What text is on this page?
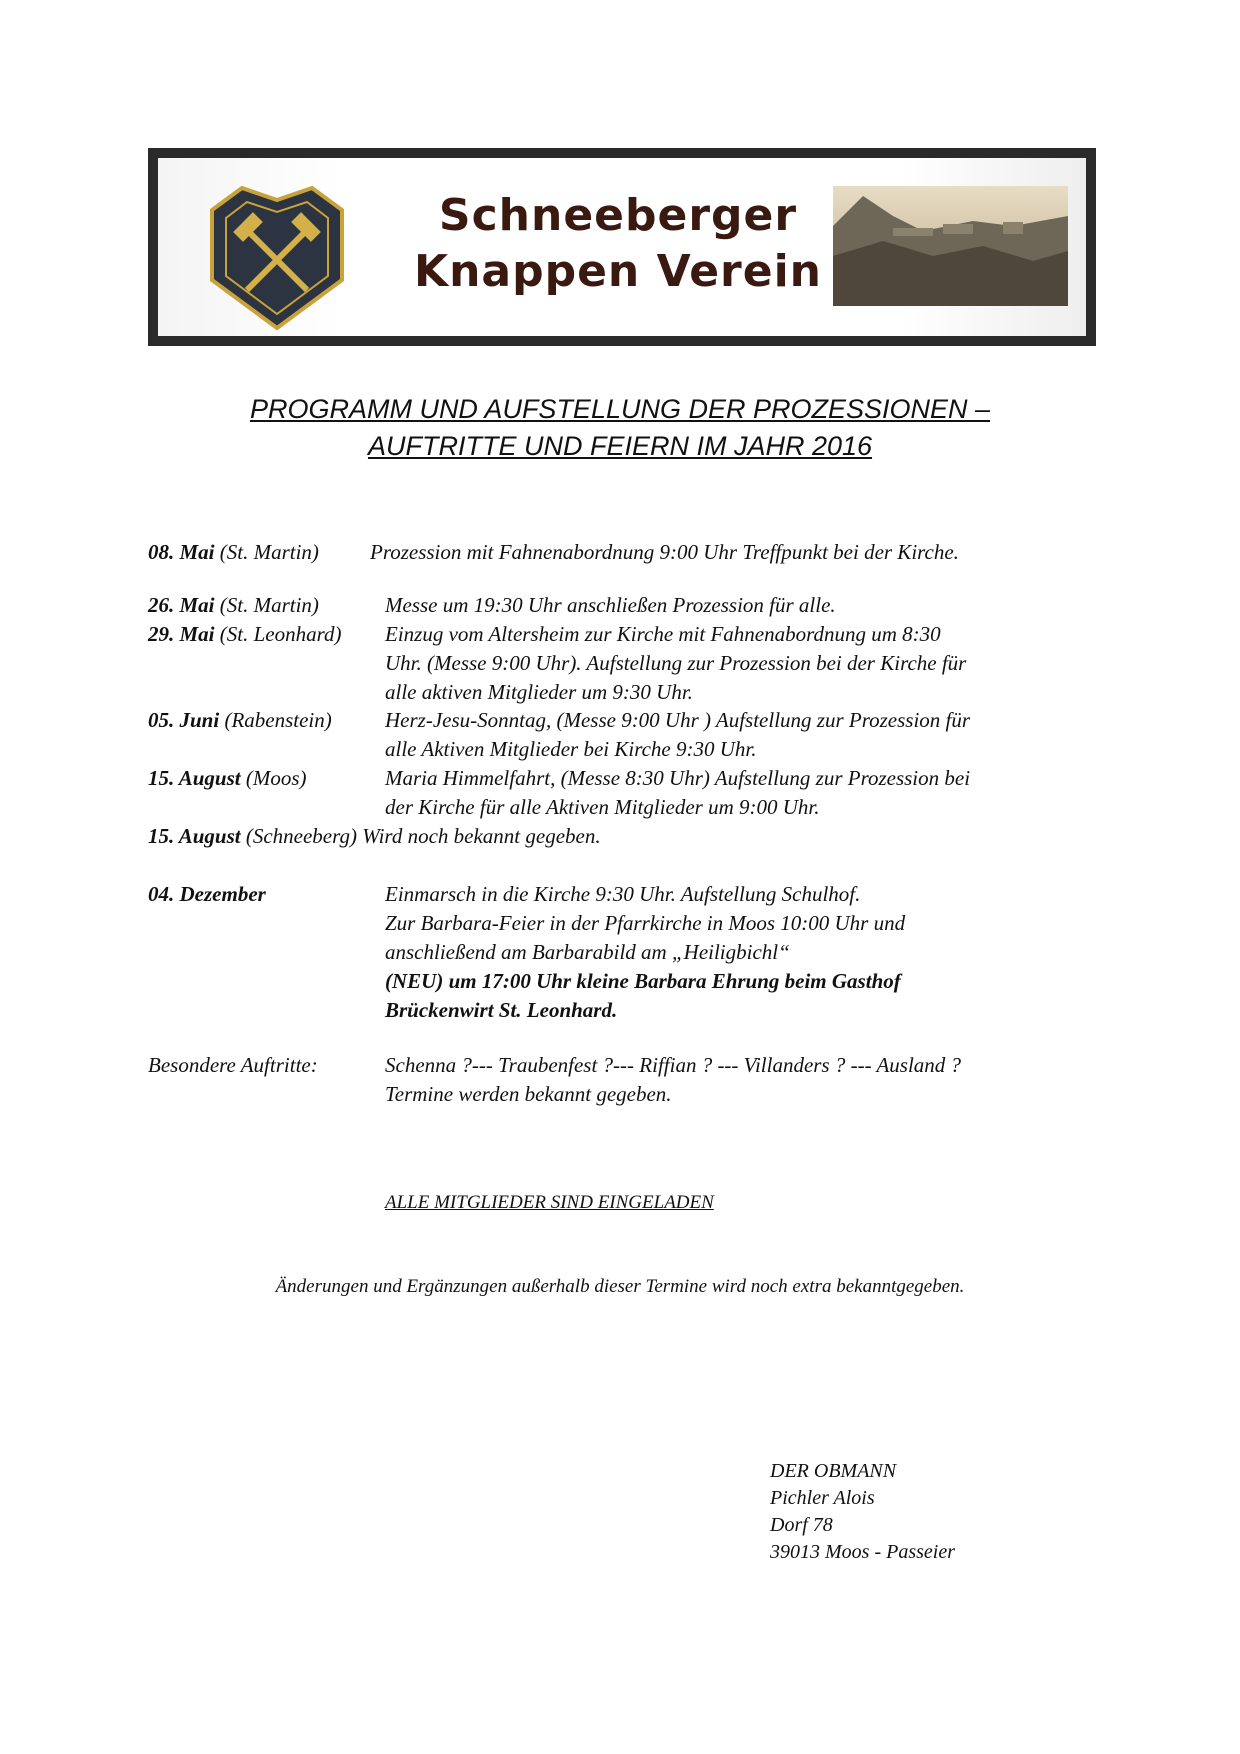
Schneeberger
Knappen Verein
PROGRAMM UND AUFSTELLUNG DER PROZESSIONEN –
AUFTRITTE UND FEIERN IM JAHR 2016
08. Mai (St. Martin) Prozession mit Fahnenabordnung 9:00 Uhr Treffpunkt bei der Kirche.
26. Mai (St. Martin)	Messe um 19:30 Uhr anschließen Prozession für alle.
29. Mai (St. Leonhard) Einzug vom Altersheim zur Kirche mit Fahnenabordnung um 8:30
Uhr. (Messe 9:00 Uhr). Aufstellung zur Prozession bei der Kirche für
alle aktiven Mitglieder um 9:30 Uhr.
05. Juni (Rabenstein)	Herz-Jesu-Sonntag, (Messe 9:00 Uhr ) Aufstellung zur Prozession für
alle Aktiven Mitglieder bei Kirche 9:30 Uhr.
15. August (Moos)	Maria Himmelfahrt, (Messe 8:30 Uhr) Aufstellung zur Prozession bei
der Kirche für alle Aktiven Mitglieder um 9:00 Uhr.
15. August (Schneeberg) Wird noch bekannt gegeben.
04. Dezember	Einmarsch in die Kirche 9:30 Uhr. Aufstellung Schulhof.
Zur Barbara-Feier in der Pfarrkirche in Moos 10:00 Uhr und
anschließend am Barbarabild am „Heiligbichl“
(NEU) um 17:00 Uhr kleine Barbara Ehrung beim Gasthof
Brückenwirt St. Leonhard.
Besondere Auftritte:	Schenna ?--- Traubenfest ?--- Riffian ? --- Villanders ? --- Ausland ?
Termine werden bekannt gegeben.
ALLE MITGLIEDER SIND EINGELADEN
Änderungen und Ergänzungen außerhalb dieser Termine wird noch extra bekanntgegeben.
DER OBMANN
Pichler Alois
Dorf 78
39013 Moos - Passeier
